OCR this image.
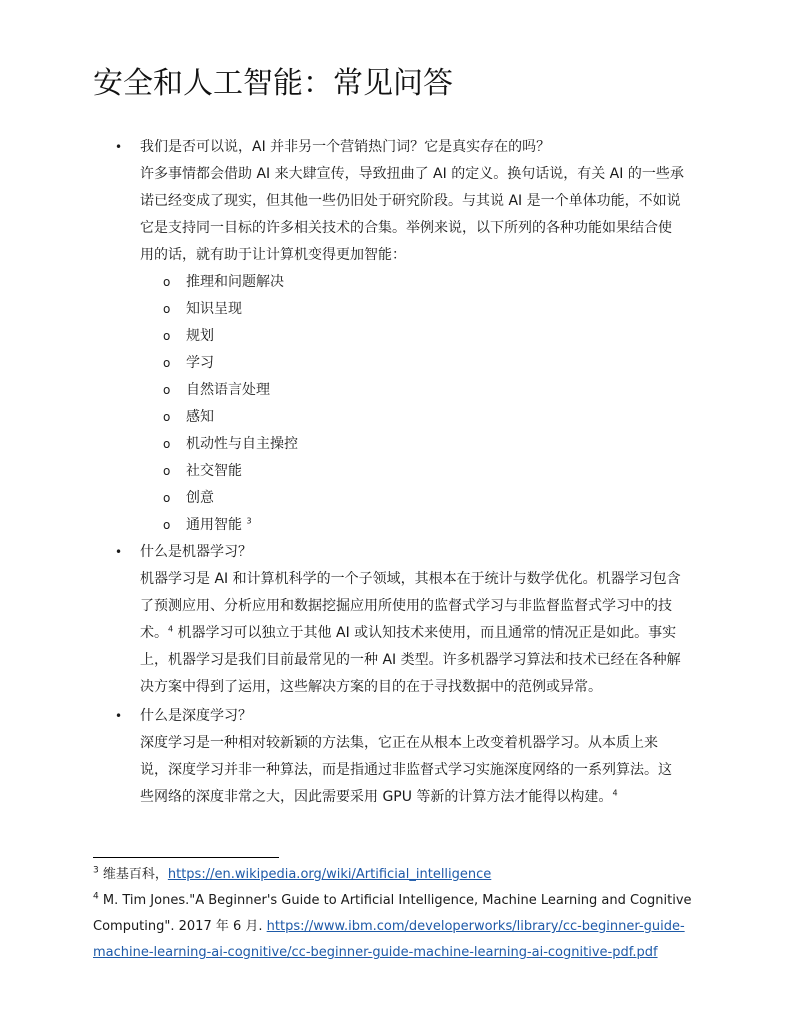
安全和人工智能：常见问答
• 我们是否可以说，AI 并非另一个营销热门词？它是真实存在的吗？

许多事情都会借助 AI 来大肆宣传，导致扭曲了 AI 的定义。换句话说，有关 AI 的一些承

诺已经变成了现实，但其他一些仍旧处于研究阶段。与其说 AI 是一个单体功能，不如说

它是支持同一目标的许多相关技术的合集。举例来说，以下所列的各种功能如果结合使

用的话，就有助于让计算机变得更加智能：

o 推理和问题解决
o 知识呈现
o 规划
o 学习
o 自然语言处理
o 感知
o 机动性与自主操控
o 社交智能
o 创意
o 通用智能 $^3$
• 什么是机器学习？

机器学习是 AI 和计算机科学的一个子领域，其根本在于统计与数学优化。机器学习包含

了预测应用、分析应用和数据挖掘应用所使用的监督式学习与非监督监督式学习中的技

术。$^4$ 机器学习可以独立于其他 AI 或认知技术来使用，而且通常的情况正是如此。事实

上，机器学习是我们目前最常见的一种 AI 类型。许多机器学习算法和技术已经在各种解

决方案中得到了运用，这些解决方案的目的在于寻找数据中的范例或异常。

• 什么是深度学习？

深度学习是一种相对较新颖的方法集，它正在从根本上改变着机器学习。从本质上来

说，深度学习并非一种算法，而是指通过非监督式学习实施深度网络的一系列算法。这

些网络的深度非常之大，因此需要采用 GPU 等新的计算方法才能得以构建。$^4$

$^3$ 维基百科，https://en.wikipedia.org/wiki/Artificial_intelligence

$^4$ M. Tim Jones."A Beginner's Guide to Artificial Intelligence, Machine Learning and Cognitive Computing". 2017 年 6 月. https://www.ibm.com/developerworks/library/cc-beginner-guide-machine-learning-ai-cognitive/cc-beginner-guide-machine-learning-ai-cognitive-pdf.pdf
